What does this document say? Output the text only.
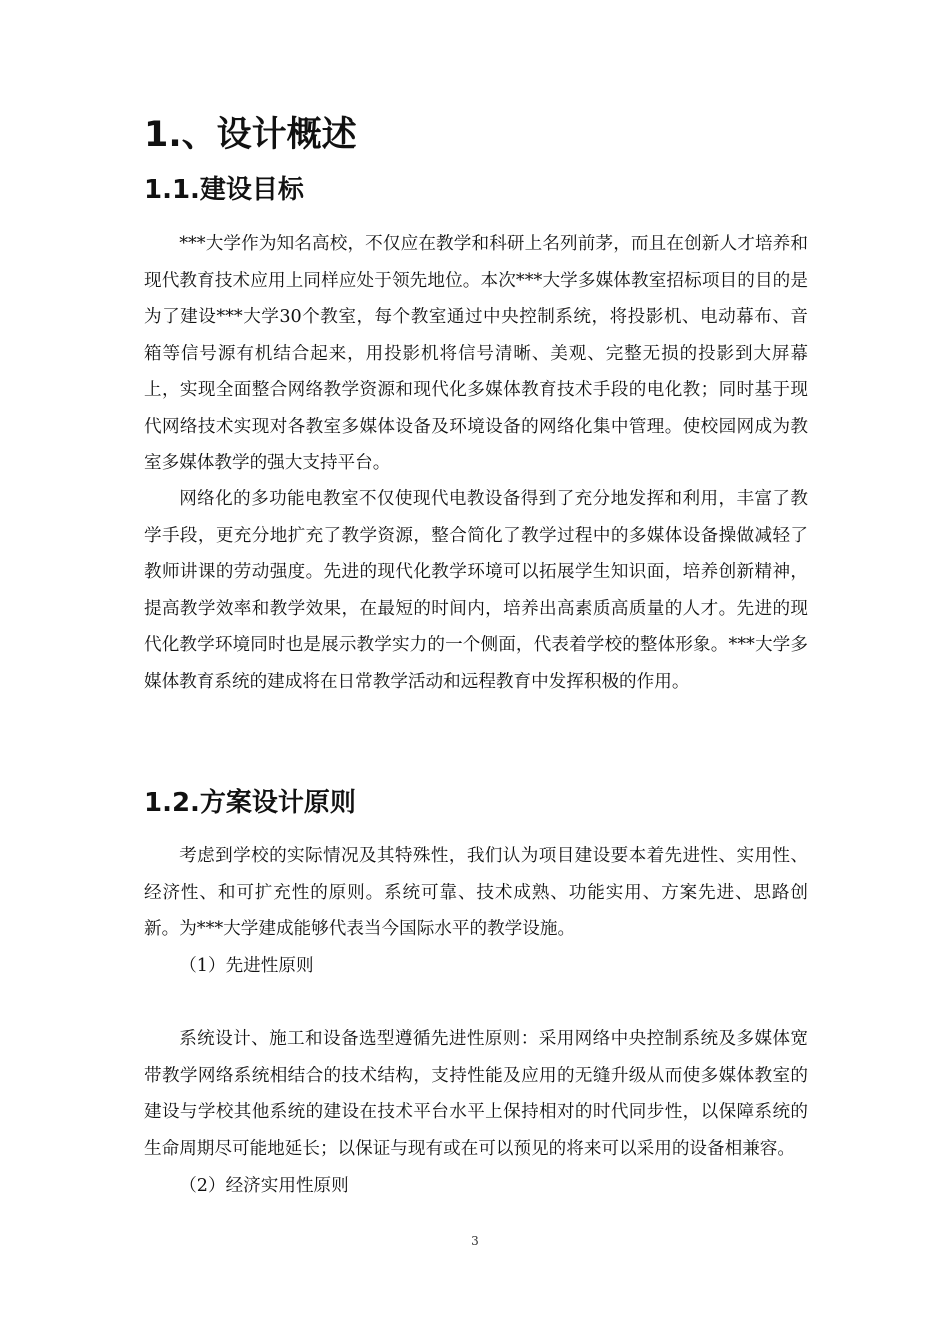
1.、设计概述
1.1.建设目标

***大学作为知名高校，不仅应在教学和科研上名列前茅，而且在创新人才培养和现代教育技术应用上同样应处于领先地位。本次***大学多媒体教室招标项目的目的是为了建设***大学30个教室，每个教室通过中央控制系统，将投影机、电动幕布、音箱等信号源有机结合起来，用投影机将信号清晰、美观、完整无损的投影到大屏幕上，实现全面整合网络教学资源和现代化多媒体教育技术手段的电化教；同时基于现代网络技术实现对各教室多媒体设备及环境设备的网络化集中管理。使校园网成为教室多媒体教学的强大支持平台。

网络化的多功能电教室不仅使现代电教设备得到了充分地发挥和利用，丰富了教学手段，更充分地扩充了教学资源，整合简化了教学过程中的多媒体设备操做减轻了教师讲课的劳动强度。先进的现代化教学环境可以拓展学生知识面，培养创新精神，提高教学效率和教学效果，在最短的时间内，培养出高素质高质量的人才。先进的现代化教学环境同时也是展示教学实力的一个侧面，代表着学校的整体形象。***大学多媒体教育系统的建成将在日常教学活动和远程教育中发挥积极的作用。

1.2.方案设计原则

考虑到学校的实际情况及其特殊性，我们认为项目建设要本着先进性、实用性、经济性、和可扩充性的原则。系统可靠、技术成熟、功能实用、方案先进、思路创新。为***大学建成能够代表当今国际水平的教学设施。

（1）先进性原则

系统设计、施工和设备选型遵循先进性原则：采用网络中央控制系统及多媒体宽带教学网络系统相结合的技术结构，支持性能及应用的无缝升级从而使多媒体教室的建设与学校其他系统的建设在技术平台水平上保持相对的时代同步性，以保障系统的生命周期尽可能地延长；以保证与现有或在可以预见的将来可以采用的设备相兼容。

（2）经济实用性原则

3
